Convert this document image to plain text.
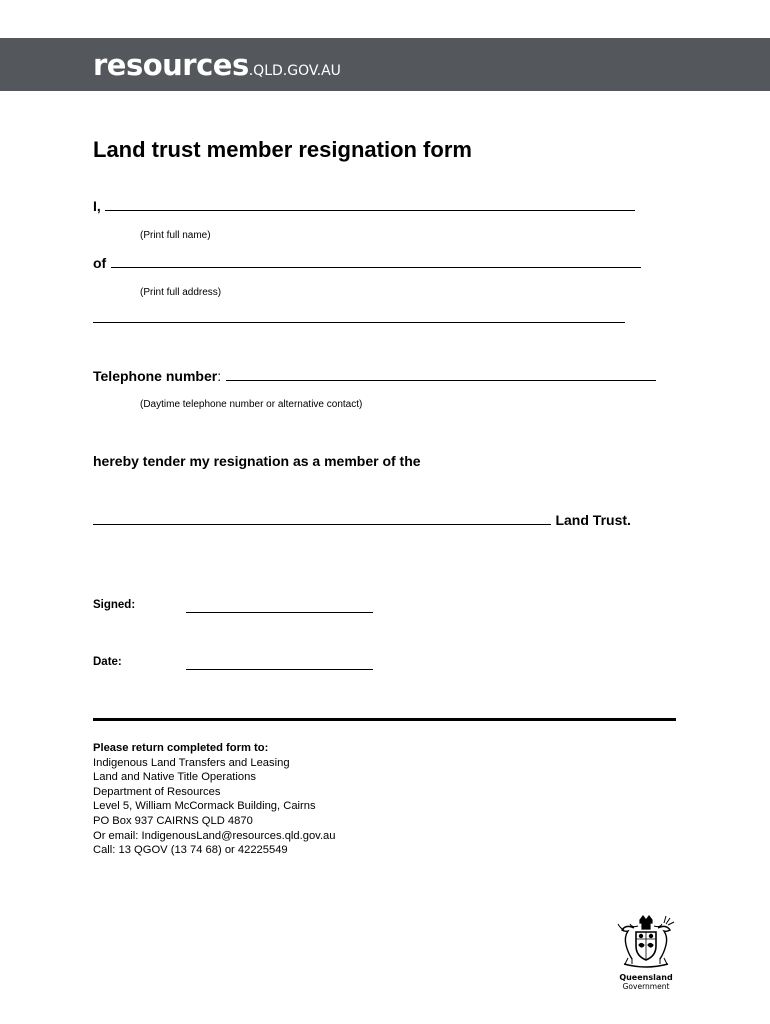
resources.QLD.GOV.AU
Land trust member resignation form
I,
(Print full name)
of
(Print full address)
Telephone number:
(Daytime telephone number or alternative contact)
hereby tender my resignation as a member of the
Land Trust.
Signed:
Date:
Please return completed form to:
Indigenous Land Transfers and Leasing
Land and Native Title Operations
Department of Resources
Level 5, William McCormack Building, Cairns
PO Box 937 CAIRNS QLD 4870
Or email: IndigenousLand@resources.qld.gov.au
Call: 13 QGOV (13 74 68) or 42225549
Queensland
Government
